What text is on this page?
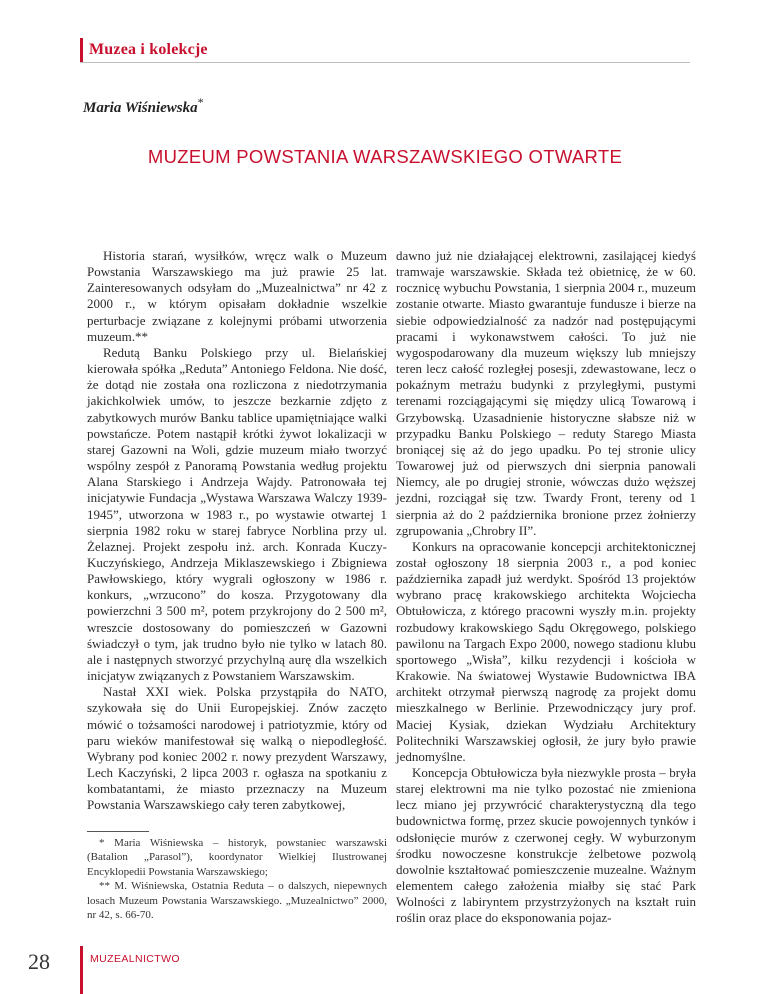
Muzea i kolekcje
Maria Wiśniewska*
MUZEUM POWSTANIA WARSZAWSKIEGO OTWARTE

Historia starań, wysiłków, wręcz walk o Muzeum Powstania Warszawskiego ma już prawie 25 lat. Zainteresowanych odsyłam do „Muzealnictwa” nr 42 z 2000 r., w którym opisałam dokładnie wszelkie perturbacje związane z kolejnymi próbami utworzenia muzeum.**

Redutą Banku Polskiego przy ul. Bielańskiej kierowała spółka „Reduta” Antoniego Feldona. Nie dość, że dotąd nie została ona rozliczona z niedotrzymania jakichkolwiek umów, to jeszcze bezkarnie zdjęto z zabytkowych murów Banku tablice upamiętniające walki powstańcze. Potem nastąpił krótki żywot lokalizacji w starej Gazowni na Woli, gdzie muzeum miało tworzyć wspólny zespół z Panoramą Powstania według projektu Alana Starskiego i Andrzeja Wajdy. Patronowała tej inicjatywie Fundacja „Wystawa Warszawa Walczy 1939-1945”, utworzona w 1983 r., po wystawie otwartej 1 sierpnia 1982 roku w starej fabryce Norblina przy ul. Żelaznej. Projekt zespołu inż. arch. Konrada Kuczy-Kuczyńskiego, Andrzeja Miklaszewskiego i Zbigniewa Pawłowskiego, który wygrali ogłoszony w 1986 r. konkurs, „wrzucono” do kosza. Przygotowany dla powierzchni 3 500 m², potem przykrojony do 2 500 m², wreszcie dostosowany do pomieszczeń w Gazowni świadczył o tym, jak trudno było nie tylko w latach 80. ale i następnych stworzyć przychylną aurę dla wszelkich inicjatyw związanych z Powstaniem Warszawskim.

Nastał XXI wiek. Polska przystąpiła do NATO, szykowała się do Unii Europejskiej. Znów zaczęto mówić o tożsamości narodowej i patriotyzmie, który od paru wieków manifestował się walką o niepodległość. Wybrany pod koniec 2002 r. nowy prezydent Warszawy, Lech Kaczyński, 2 lipca 2003 r. ogłasza na spotkaniu z kombatantami, że miasto przeznaczy na Muzeum Powstania Warszawskiego cały teren zabytkowej,

dawno już nie działającej elektrowni, zasilającej kiedyś tramwaje warszawskie. Składa też obietnicę, że w 60. rocznicę wybuchu Powstania, 1 sierpnia 2004 r., muzeum zostanie otwarte. Miasto gwarantuje fundusze i bierze na siebie odpowiedzialność za nadzór nad postępującymi pracami i wykonawstwem całości. To już nie wygospodarowany dla muzeum większy lub mniejszy teren lecz całość rozległej posesji, zdewastowane, lecz o pokaźnym metrażu budynki z przyległymi, pustymi terenami rozciągającymi się między ulicą Towarową i Grzybowską. Uzasadnienie historyczne słabsze niż w przypadku Banku Polskiego – reduty Starego Miasta broniącej się aż do jego upadku. Po tej stronie ulicy Towarowej już od pierwszych dni sierpnia panowali Niemcy, ale po drugiej stronie, wówczas dużo węższej jezdni, rozciągał się tzw. Twardy Front, tereny od 1 sierpnia aż do 2 października bronione przez żołnierzy zgrupowania „Chrobry II”.

Konkurs na opracowanie koncepcji architektonicznej został ogłoszony 18 sierpnia 2003 r., a pod koniec października zapadł już werdykt. Spośród 13 projektów wybrano pracę krakowskiego architekta Wojciecha Obtułowicza, z którego pracowni wyszły m.in. projekty rozbudowy krakowskiego Sądu Okręgowego, polskiego pawilonu na Targach Expo 2000, nowego stadionu klubu sportowego „Wisła”, kilku rezydencji i kościoła w Krakowie. Na światowej Wystawie Budownictwa IBA architekt otrzymał pierwszą nagrodę za projekt domu mieszkalnego w Berlinie. Przewodniczący jury prof. Maciej Kysiak, dziekan Wydziału Architektury Politechniki Warszawskiej ogłosił, że jury było prawie jednomyślne.

Koncepcja Obtułowicza była niezwykle prosta – bryła starej elektrowni ma nie tylko pozostać nie zmieniona lecz miano jej przywrócić charakterystyczną dla tego budownictwa formę, przez skucie powojennych tynków i odsłonięcie murów z czerwonej cegły. W wyburzonym środku nowoczesne konstrukcje żelbetowe pozwolą dowolnie kształtować pomieszczenie muzealne. Ważnym elementem całego założenia miałby się stać Park Wolności z labiryntem przystrzyżonych na kształt ruin roślin oraz place do eksponowania pojaz-

* Maria Wiśniewska – historyk, powstaniec warszawski (Batalion „Parasol”), koordynator Wielkiej Ilustrowanej Encyklopedii Powstania Warszawskiego;

** M. Wiśniewska, Ostatnia Reduta – o dalszych, niepewnych losach Muzeum Powstania Warszawskiego. „Muzealnictwo” 2000, nr 42, s. 66-70.

28	MUZEALNICTWO
